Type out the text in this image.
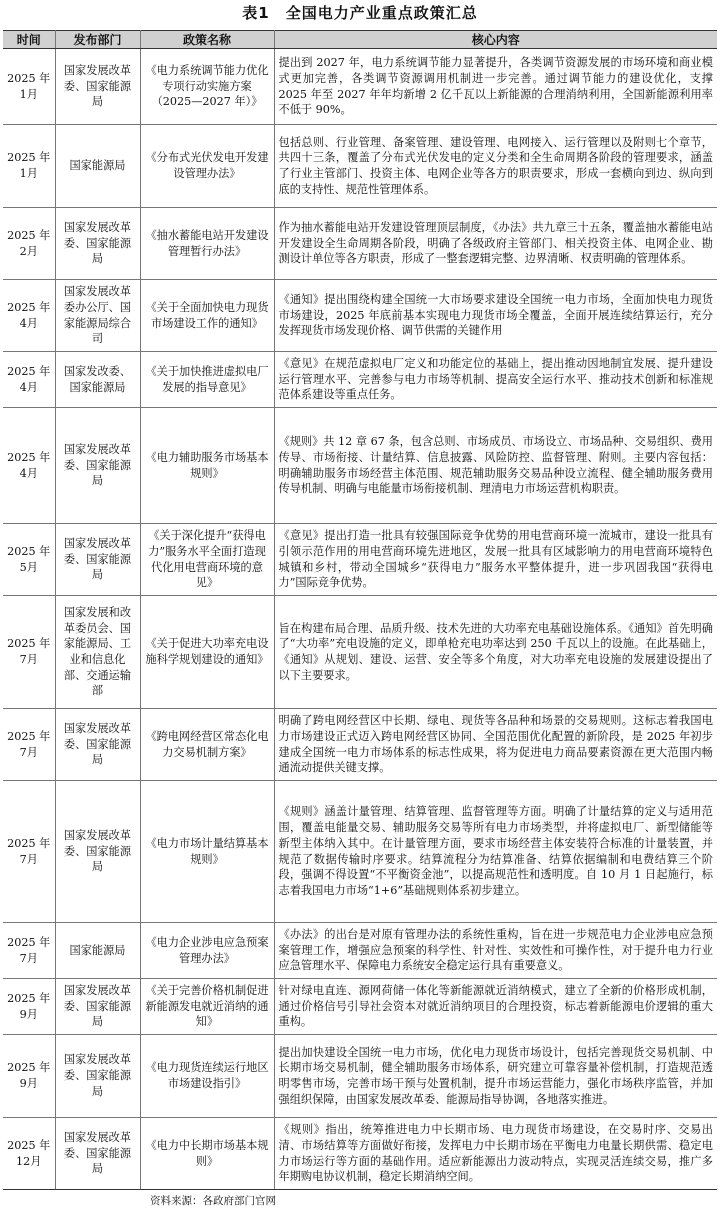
表1　全国电力产业重点政策汇总
时间	发布部门	政策名称	核心内容
2025 年 1月	国家发展改革委、国家能源局	《电力系统调节能力优化专项行动实施方案（2025—2027 年）》	提出到 2027 年，电力系统调节能力显著提升，各类调节资源发展的市场环境和商业模式更加完善，各类调节资源调用机制进一步完善。通过调节能力的建设优化，支撑 2025 年至 2027 年年均新增 2 亿千瓦以上新能源的合理消纳利用，全国新能源利用率不低于 90%。
2025 年 1月	国家能源局	《分布式光伏发电开发建设管理办法》	包括总则、行业管理、备案管理、建设管理、电网接入、运行管理以及附则七个章节，共四十三条，覆盖了分布式光伏发电的定义分类和全生命周期各阶段的管理要求，涵盖了行业主管部门、投资主体、电网企业等各方的职责要求，形成一套横向到边、纵向到底的支持性、规范性管理体系。
2025 年 2月	国家发展改革委、国家能源局	《抽水蓄能电站开发建设管理暂行办法》	作为抽水蓄能电站开发建设管理顶层制度，《办法》共九章三十五条，覆盖抽水蓄能电站开发建设全生命周期各阶段，明确了各级政府主管部门、相关投资主体、电网企业、勘测设计单位等各方职责，形成了一整套逻辑完整、边界清晰、权责明确的管理体系。
2025 年 4月	国家发展改革委办公厅、国家能源局综合司	《关于全面加快电力现货市场建设工作的通知》	《通知》提出围绕构建全国统一大市场要求建设全国统一电力市场，全面加快电力现货市场建设，2025 年底前基本实现电力现货市场全覆盖，全面开展连续结算运行，充分发挥现货市场发现价格、调节供需的关键作用
2025 年 4月	国家发改委、国家能源局	《关于加快推进虚拟电厂发展的指导意见》	《意见》在规范虚拟电厂定义和功能定位的基础上，提出推动因地制宜发展、提升建设运行管理水平、完善参与电力市场等机制、提高安全运行水平、推动技术创新和标准规范体系建设等重点任务。
2025 年 4月	国家发展改革委、国家能源局	《电力辅助服务市场基本规则》	《规则》共 12 章 67 条，包含总则、市场成员、市场设立、市场品种、交易组织、费用传导、市场衔接、计量结算、信息披露、风险防控、监督管理、附则。主要内容包括：明确辅助服务市场经营主体范围、规范辅助服务交易品种设立流程、健全辅助服务费用传导机制、明确与电能量市场衔接机制、理清电力市场运营机构职责。
2025 年 5月	国家发展改革委、国家能源局	《关于深化提升“获得电力”服务水平全面打造现代化用电营商环境的意见》	《意见》提出打造一批具有较强国际竞争优势的用电营商环境一流城市，建设一批具有引领示范作用的用电营商环境先进地区，发展一批具有区域影响力的用电营商环境特色城镇和乡村，带动全国城乡“获得电力”服务水平整体提升，进一步巩固我国“获得电力”国际竞争优势。
2025 年 7月	国家发展和改革委员会、国家能源局、工业和信息化部、交通运输部	《关于促进大功率充电设施科学规划建设的通知》	旨在构建布局合理、品质升级、技术先进的大功率充电基础设施体系。《通知》首先明确了“大功率”充电设施的定义，即单枪充电功率达到 250 千瓦以上的设施。在此基础上，《通知》从规划、建设、运营、安全等多个角度，对大功率充电设施的发展建设提出了以下主要要求。
2025 年 7月	国家发展改革委、国家能源局	《跨电网经营区常态化电力交易机制方案》	明确了跨电网经营区中长期、绿电、现货等各品种和场景的交易规则。这标志着我国电力市场建设正式迈入跨电网经营区协同、全国范围优化配置的新阶段，是 2025 年初步建成全国统一电力市场体系的标志性成果，将为促进电力商品要素资源在更大范围内畅通流动提供关键支撑。
2025 年 7月	国家发展改革委、国家能源局	《电力市场计量结算基本规则》	《规则》涵盖计量管理、结算管理、监督管理等方面。明确了计量结算的定义与适用范围，覆盖电能量交易、辅助服务交易等所有电力市场类型，并将虚拟电厂、新型储能等新型主体纳入其中。在计量管理方面，要求市场经营主体安装符合标准的计量装置，并规范了数据传输时序要求。结算流程分为结算准备、结算依据编制和电费结算三个阶段，强调不得设置“不平衡资金池”，以提高规范性和透明度。自 10 月 1 日起施行，标志着我国电力市场“1+6”基础规则体系初步建立。
2025 年 7月	国家能源局	《电力企业涉电应急预案管理办法》	《办法》的出台是对原有管理办法的系统性重构，旨在进一步规范电力企业涉电应急预案管理工作，增强应急预案的科学性、针对性、实效性和可操作性，对于提升电力行业应急管理水平、保障电力系统安全稳定运行具有重要意义。
2025 年 9月	国家发展改革委、国家能源局	《关于完善价格机制促进新能源发电就近消纳的通知》	针对绿电直连、源网荷储一体化等新能源就近消纳模式，建立了全新的价格形成机制，通过价格信号引导社会资本对就近消纳项目的合理投资，标志着新能源电价逻辑的重大重构。
2025 年 9月	国家发展改革委、国家能源局	《电力现货连续运行地区市场建设指引》	提出加快建设全国统一电力市场，优化电力现货市场设计，包括完善现货交易机制、中长期市场交易机制，健全辅助服务市场体系，研究建立可靠容量补偿机制，打造规范透明零售市场，完善市场干预与处置机制，提升市场运营能力，强化市场秩序监管，并加强组织保障，由国家发展改革委、能源局指导协调，各地落实推进。
2025 年 12月	国家发展改革委、国家能源局	《电力中长期市场基本规则》	《规则》指出，统筹推进电力中长期市场、电力现货市场建设，在交易时序、交易出清、市场结算等方面做好衔接，发挥电力中长期市场在平衡电力电量长期供需、稳定电力市场运行等方面的基础作用。适应新能源出力波动特点，实现灵活连续交易，推广多年期购电协议机制，稳定长期消纳空间。
资料来源：各政府部门官网
